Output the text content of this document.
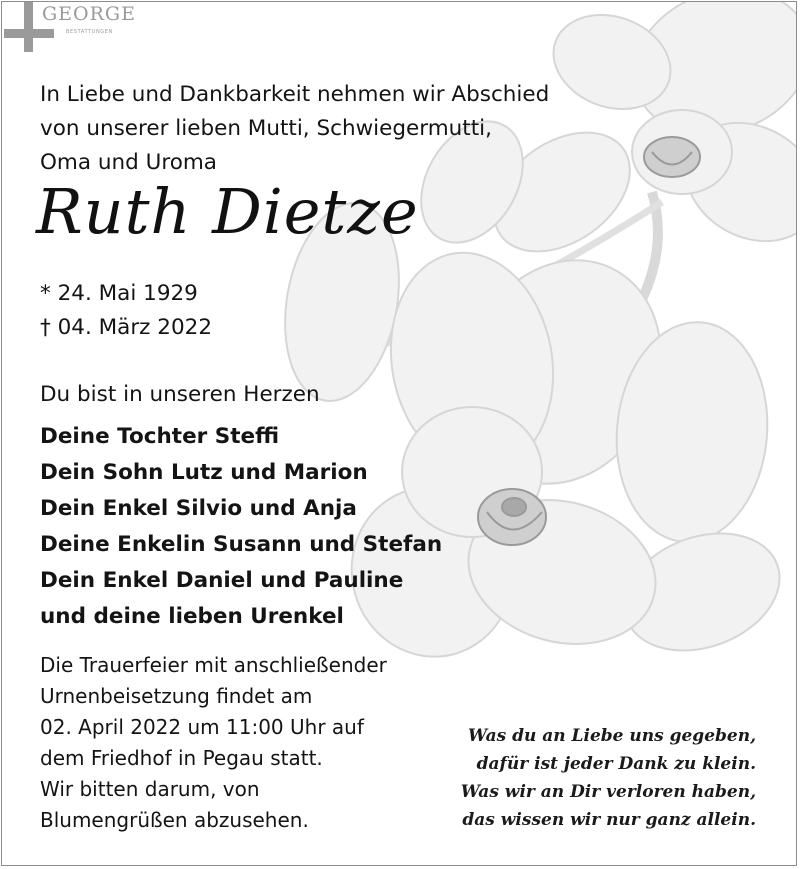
GEORGE
BESTATTUNGEN
In Liebe und Dankbarkeit nehmen wir Abschied
von unserer lieben Mutti, Schwiegermutti,
Oma und Uroma
Ruth Dietze
* 24. Mai 1929
† 04. März 2022
Du bist in unseren Herzen
Deine Tochter Steffi
Dein Sohn Lutz und Marion
Dein Enkel Silvio und Anja
Deine Enkelin Susann und Stefan
Dein Enkel Daniel und Pauline
und deine lieben Urenkel
Die Trauerfeier mit anschließender
Urnenbeisetzung findet am
02. April 2022 um 11:00 Uhr auf
dem Friedhof in Pegau statt.
Wir bitten darum, von
Blumengrüßen abzusehen.
Was du an Liebe uns gegeben,
dafür ist jeder Dank zu klein.
Was wir an Dir verloren haben,
das wissen wir nur ganz allein.
